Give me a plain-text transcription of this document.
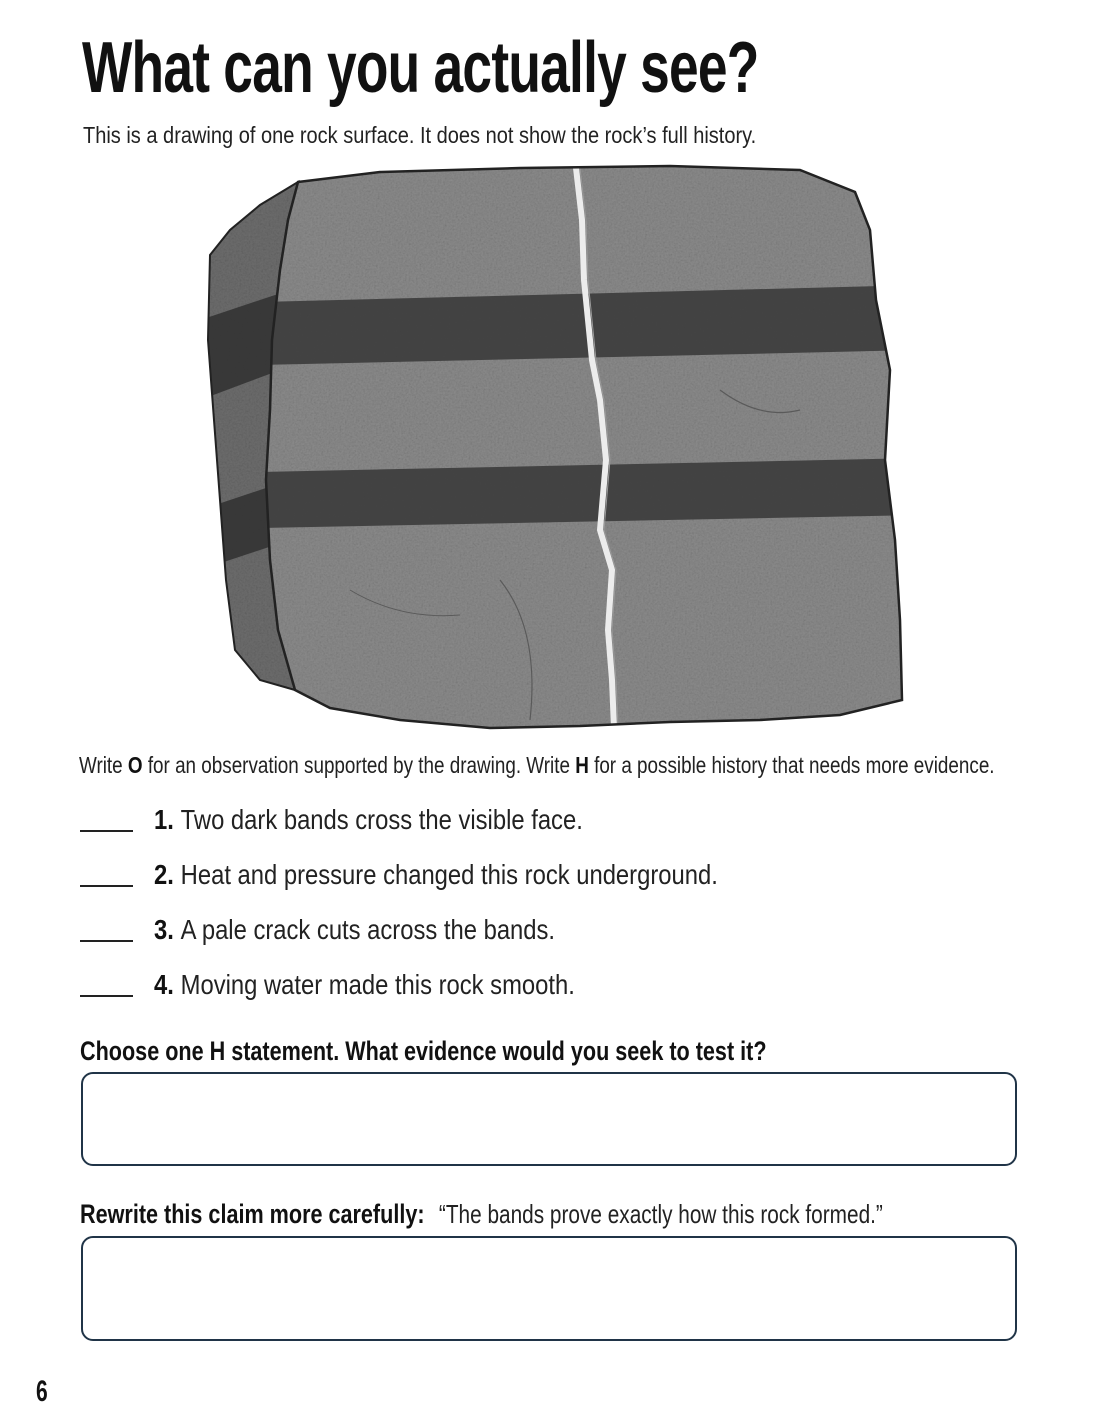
What can you actually see?

This is a drawing of one rock surface. It does not show the rock’s full history.

Write O for an observation supported by the drawing. Write H for a possible history that needs more evidence.

1. Two dark bands cross the visible face.
2. Heat and pressure changed this rock underground.
3. A pale crack cuts across the bands.
4. Moving water made this rock smooth.

Choose one H statement. What evidence would you seek to test it?

Rewrite this claim more carefully: “The bands prove exactly how this rock formed.”

6
